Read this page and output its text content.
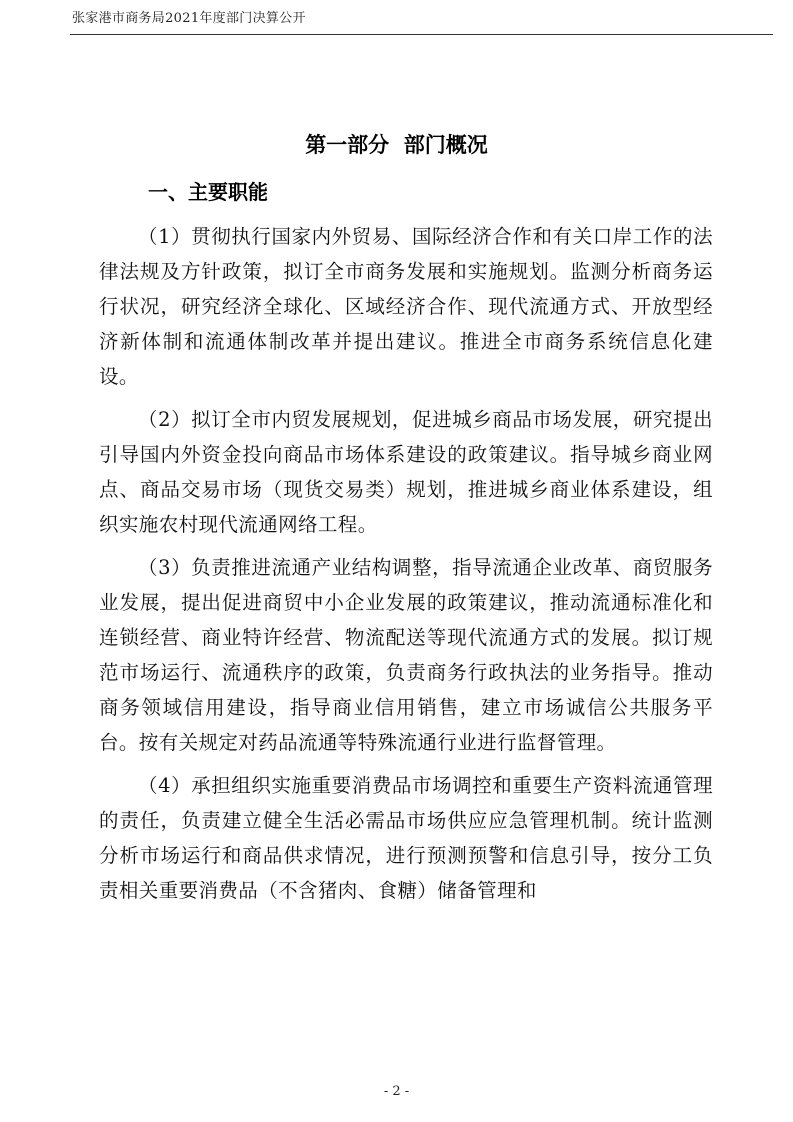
张家港市商务局2021年度部门决算公开
第一部分  部门概况
一、主要职能

（1）贯彻执行国家内外贸易、国际经济合作和有关口岸工作的法律法规及方针政策，拟订全市商务发展和实施规划。监测分析商务运行状况，研究经济全球化、区域经济合作、现代流通方式、开放型经济新体制和流通体制改革并提出建议。推进全市商务系统信息化建设。

（2）拟订全市内贸发展规划，促进城乡商品市场发展，研究提出引导国内外资金投向商品市场体系建设的政策建议。指导城乡商业网点、商品交易市场（现货交易类）规划，推进城乡商业体系建设，组织实施农村现代流通网络工程。

（3）负责推进流通产业结构调整，指导流通企业改革、商贸服务业发展，提出促进商贸中小企业发展的政策建议，推动流通标准化和连锁经营、商业特许经营、物流配送等现代流通方式的发展。拟订规范市场运行、流通秩序的政策，负责商务行政执法的业务指导。推动商务领域信用建设，指导商业信用销售，建立市场诚信公共服务平台。按有关规定对药品流通等特殊流通行业进行监督管理。

（4）承担组织实施重要消费品市场调控和重要生产资料流通管理的责任，负责建立健全生活必需品市场供应应急管理机制。统计监测分析市场运行和商品供求情况，进行预测预警和信息引导，按分工负责相关重要消费品（不含猪肉、食糖）储备管理和

- 2 -
